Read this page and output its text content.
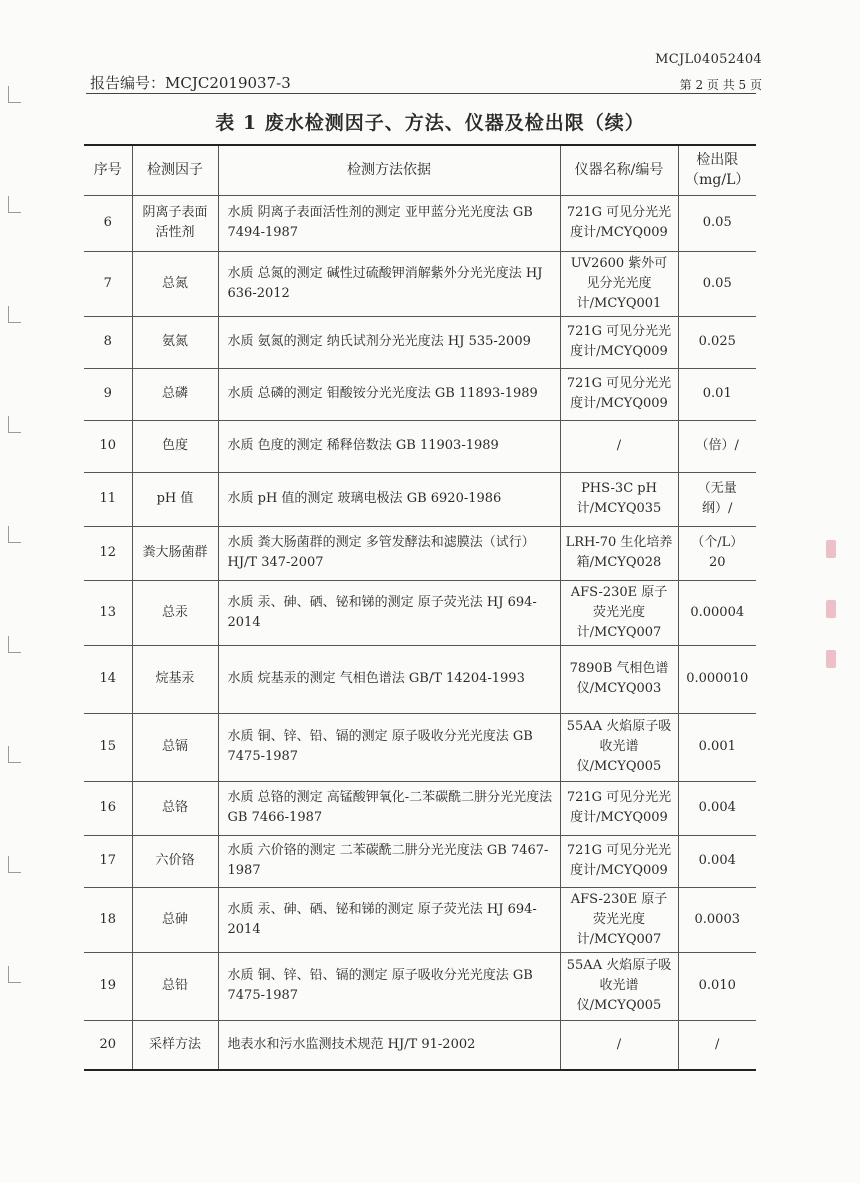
MCJL04052404
报告编号：MCJC2019037-3	第 2 页 共 5 页
表 1 废水检测因子、方法、仪器及检出限（续）
序号	检测因子	检测方法依据	仪器名称/编号	检出限（mg/L）
6	阴离子表面活性剂	水质 阴离子表面活性剂的测定 亚甲蓝分光光度法 GB 7494-1987	721G 可见分光光度计/MCYQ009	0.05
7	总氮	水质 总氮的测定 碱性过硫酸钾消解紫外分光光度法 HJ 636-2012	UV2600 紫外可见分光光度计/MCYQ001	0.05
8	氨氮	水质 氨氮的测定 纳氏试剂分光光度法 HJ 535-2009	721G 可见分光光度计/MCYQ009	0.025
9	总磷	水质 总磷的测定 钼酸铵分光光度法 GB 11893-1989	721G 可见分光光度计/MCYQ009	0.01
10	色度	水质 色度的测定 稀释倍数法 GB 11903-1989	/	（倍）/
11	pH 值	水质 pH 值的测定 玻璃电极法 GB 6920-1986	PHS-3C pH 计/MCYQ035	（无量纲）/
12	粪大肠菌群	水质 粪大肠菌群的测定 多管发酵法和滤膜法（试行）HJ/T 347-2007	LRH-70 生化培养箱/MCYQ028	（个/L）20
13	总汞	水质 汞、砷、硒、铋和锑的测定 原子荧光法 HJ 694-2014	AFS-230E 原子荧光光度计/MCYQ007	0.00004
14	烷基汞	水质 烷基汞的测定 气相色谱法 GB/T 14204-1993	7890B 气相色谱仪/MCYQ003	0.000010
15	总镉	水质 铜、锌、铅、镉的测定 原子吸收分光光度法 GB 7475-1987	55AA 火焰原子吸收光谱仪/MCYQ005	0.001
16	总铬	水质 总铬的测定 高锰酸钾氧化-二苯碳酰二肼分光光度法 GB 7466-1987	721G 可见分光光度计/MCYQ009	0.004
17	六价铬	水质 六价铬的测定 二苯碳酰二肼分光光度法 GB 7467-1987	721G 可见分光光度计/MCYQ009	0.004
18	总砷	水质 汞、砷、硒、铋和锑的测定 原子荧光法 HJ 694-2014	AFS-230E 原子荧光光度计/MCYQ007	0.0003
19	总铅	水质 铜、锌、铅、镉的测定 原子吸收分光光度法 GB 7475-1987	55AA 火焰原子吸收光谱仪/MCYQ005	0.010
20	采样方法	地表水和污水监测技术规范 HJ/T 91-2002	/	/
